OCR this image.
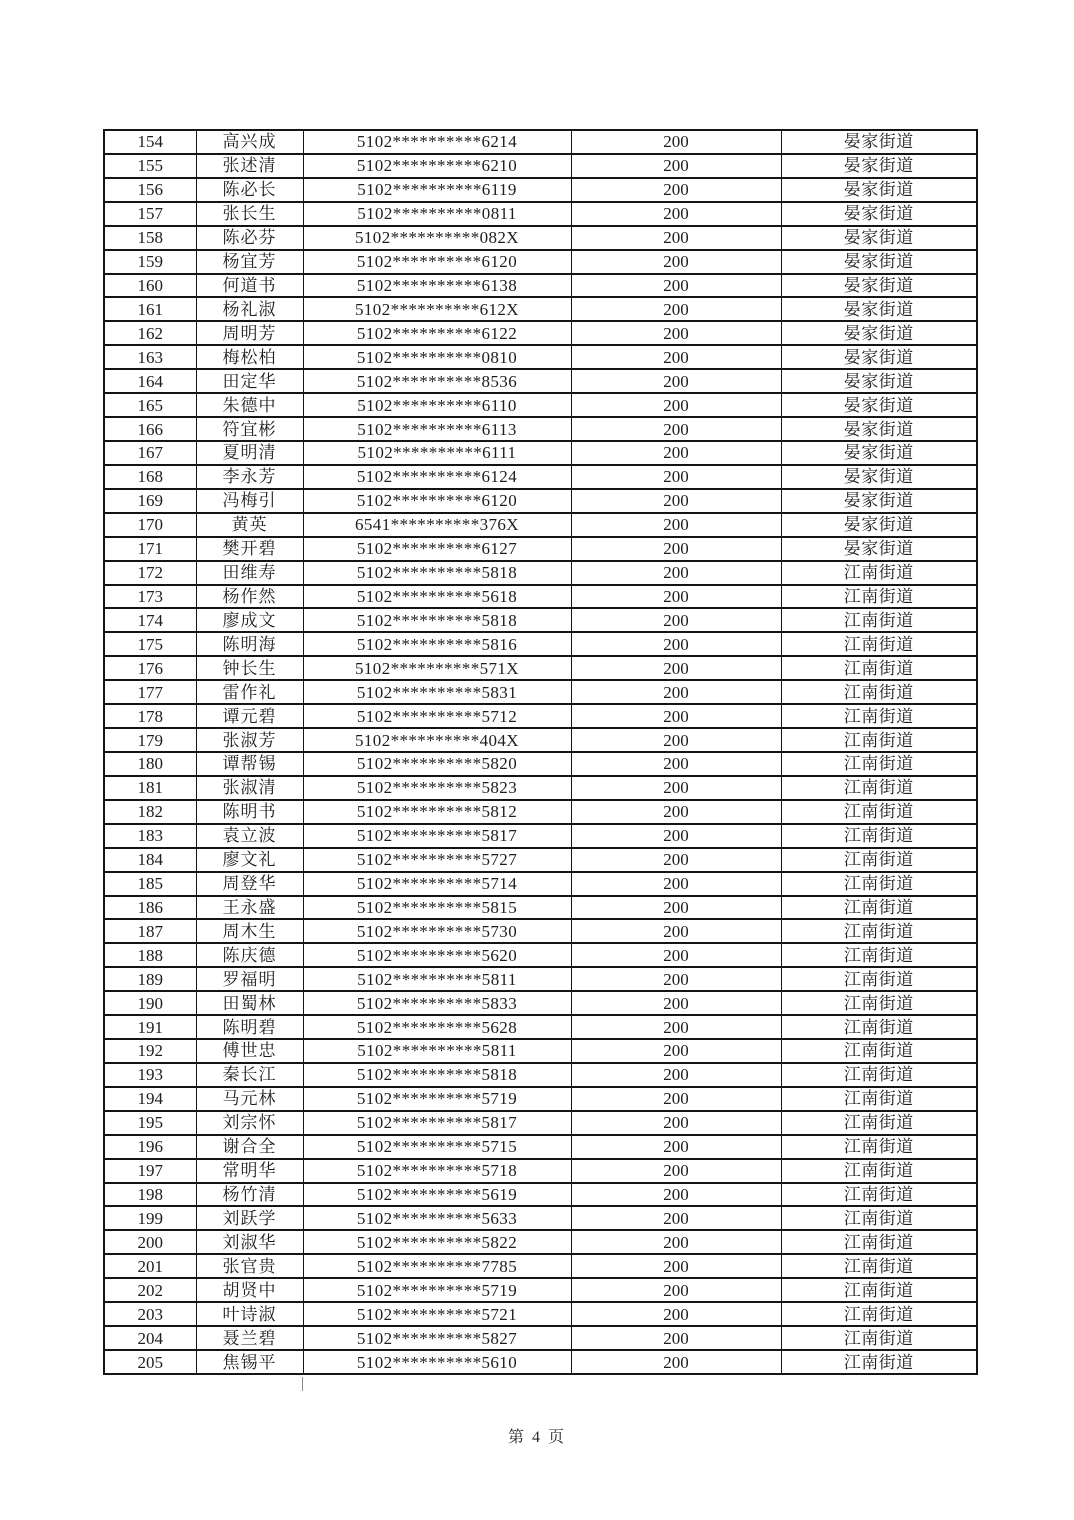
154	高兴成	5102**********6214	200	晏家街道
155	张述清	5102**********6210	200	晏家街道
156	陈必长	5102**********6119	200	晏家街道
157	张长生	5102**********0811	200	晏家街道
158	陈必芬	5102**********082X	200	晏家街道
159	杨宜芳	5102**********6120	200	晏家街道
160	何道书	5102**********6138	200	晏家街道
161	杨礼淑	5102**********612X	200	晏家街道
162	周明芳	5102**********6122	200	晏家街道
163	梅松柏	5102**********0810	200	晏家街道
164	田定华	5102**********8536	200	晏家街道
165	朱德中	5102**********6110	200	晏家街道
166	符宜彬	5102**********6113	200	晏家街道
167	夏明清	5102**********6111	200	晏家街道
168	李永芳	5102**********6124	200	晏家街道
169	冯梅引	5102**********6120	200	晏家街道
170	黄英	6541**********376X	200	晏家街道
171	樊开碧	5102**********6127	200	晏家街道
172	田维寿	5102**********5818	200	江南街道
173	杨作然	5102**********5618	200	江南街道
174	廖成文	5102**********5818	200	江南街道
175	陈明海	5102**********5816	200	江南街道
176	钟长生	5102**********571X	200	江南街道
177	雷作礼	5102**********5831	200	江南街道
178	谭元碧	5102**********5712	200	江南街道
179	张淑芳	5102**********404X	200	江南街道
180	谭帮锡	5102**********5820	200	江南街道
181	张淑清	5102**********5823	200	江南街道
182	陈明书	5102**********5812	200	江南街道
183	袁立波	5102**********5817	200	江南街道
184	廖文礼	5102**********5727	200	江南街道
185	周登华	5102**********5714	200	江南街道
186	王永盛	5102**********5815	200	江南街道
187	周木生	5102**********5730	200	江南街道
188	陈庆德	5102**********5620	200	江南街道
189	罗福明	5102**********5811	200	江南街道
190	田蜀林	5102**********5833	200	江南街道
191	陈明碧	5102**********5628	200	江南街道
192	傅世忠	5102**********5811	200	江南街道
193	秦长江	5102**********5818	200	江南街道
194	马元林	5102**********5719	200	江南街道
195	刘宗怀	5102**********5817	200	江南街道
196	谢合全	5102**********5715	200	江南街道
197	常明华	5102**********5718	200	江南街道
198	杨竹清	5102**********5619	200	江南街道
199	刘跃学	5102**********5633	200	江南街道
200	刘淑华	5102**********5822	200	江南街道
201	张官贵	5102**********7785	200	江南街道
202	胡贤中	5102**********5719	200	江南街道
203	叶诗淑	5102**********5721	200	江南街道
204	聂兰碧	5102**********5827	200	江南街道
205	焦锡平	5102**********5610	200	江南街道
第 4 页
